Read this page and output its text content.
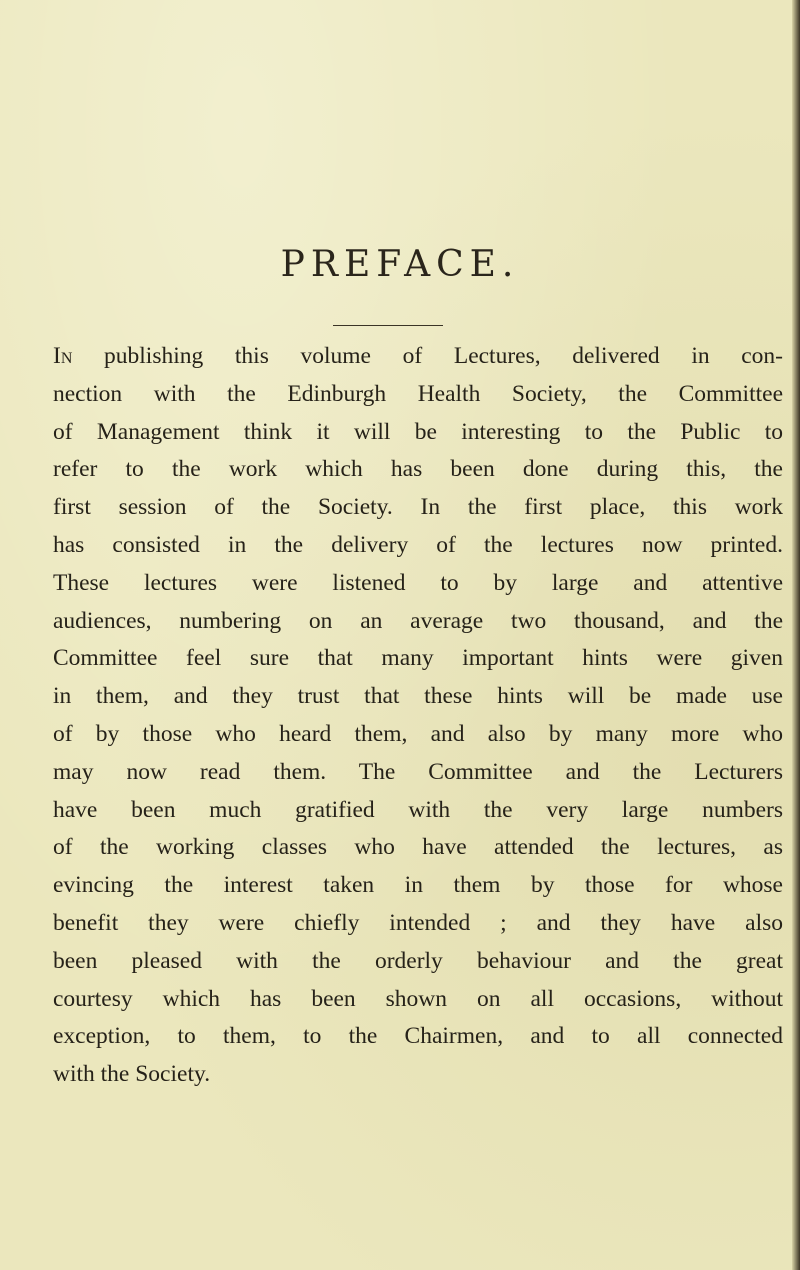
PREFACE.
In publishing this volume of Lectures, delivered in con-
nection with the Edinburgh Health Society, the Committee
of Management think it will be interesting to the Public to
refer to the work which has been done during this, the
first session of the Society. In the first place, this work
has consisted in the delivery of the lectures now printed.
These lectures were listened to by large and attentive
audiences, numbering on an average two thousand, and the
Committee feel sure that many important hints were given
in them, and they trust that these hints will be made use
of by those who heard them, and also by many more who
may now read them. The Committee and the Lecturers
have been much gratified with the very large numbers
of the working classes who have attended the lectures, as
evincing the interest taken in them by those for whose
benefit they were chiefly intended ; and they have also
been pleased with the orderly behaviour and the great
courtesy which has been shown on all occasions, without
exception, to them, to the Chairmen, and to all connected
with the Society.
